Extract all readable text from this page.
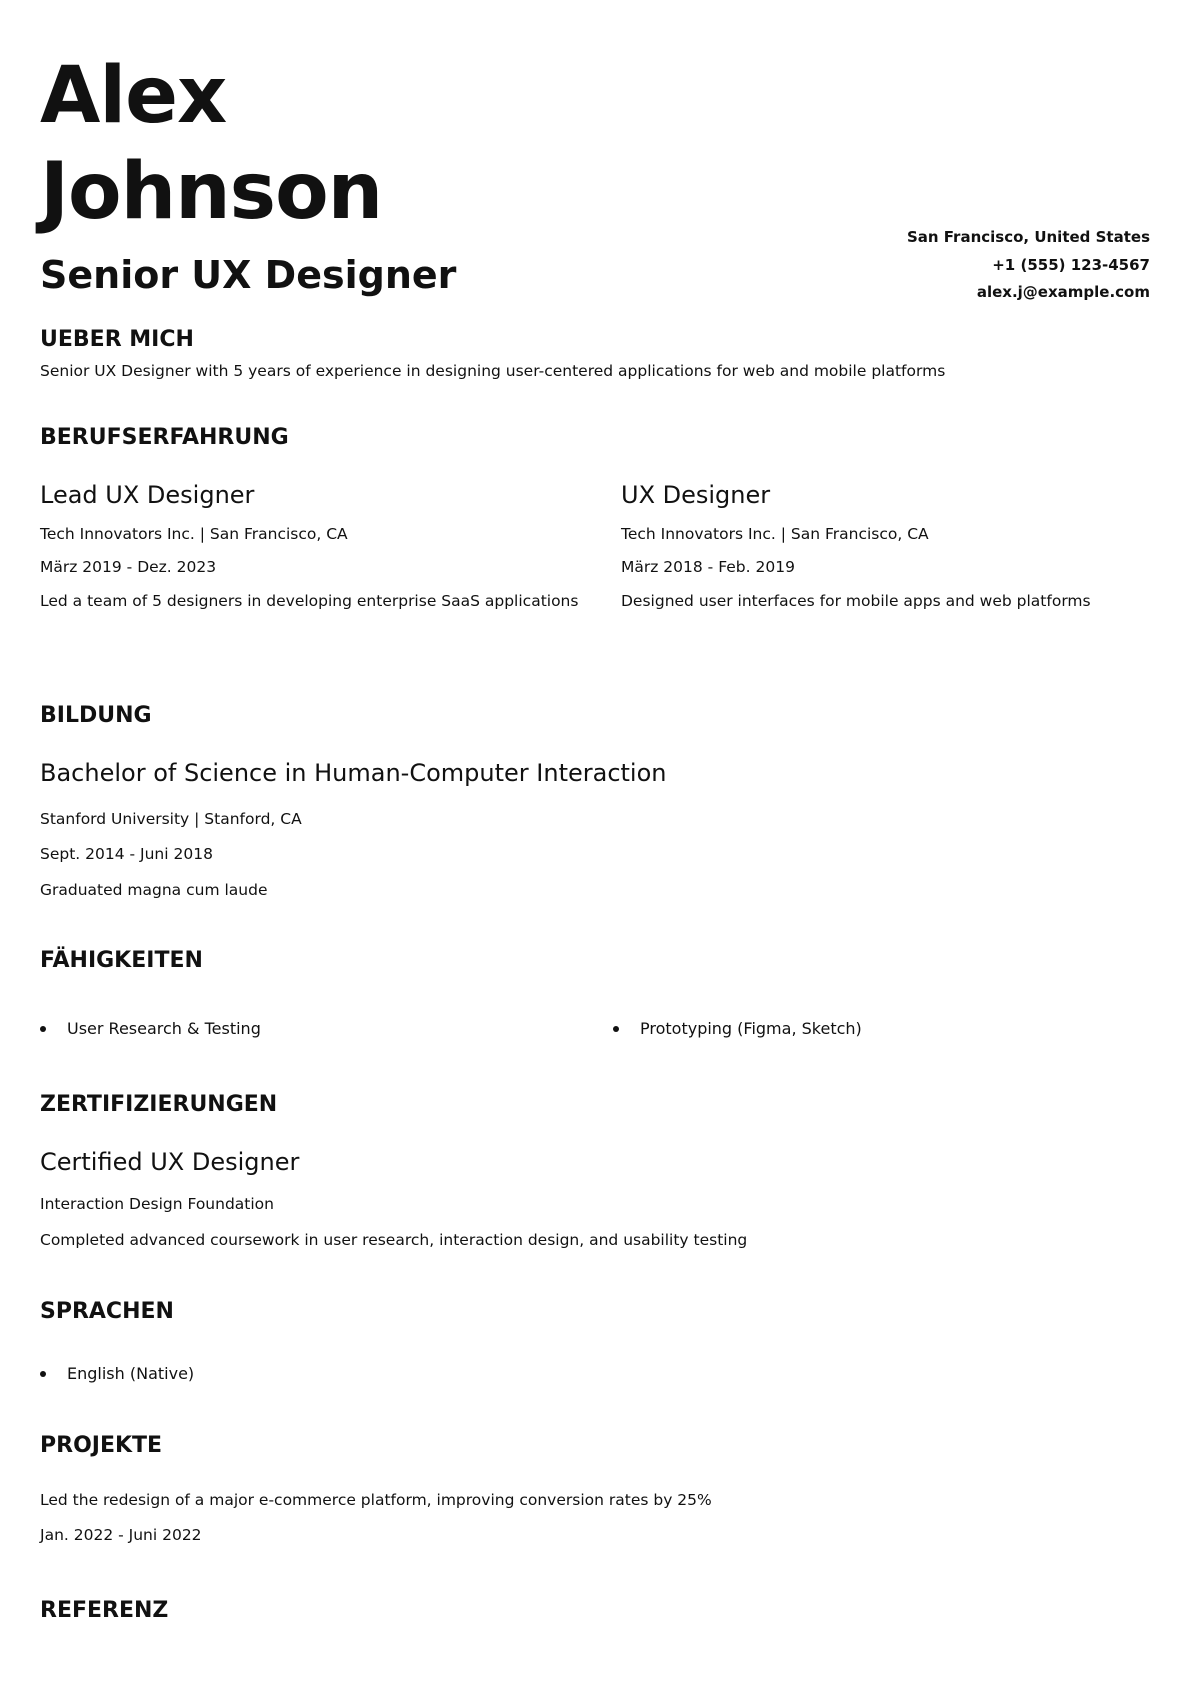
Alex
Johnson
Senior UX Designer
San Francisco, United States
+1 (555) 123-4567
alex.j@example.com
UEBER MICH

Senior UX Designer with 5 years of experience in designing user-centered applications for web and mobile platforms

BERUFSERFAHRUNG
Lead UX Designer

Tech Innovators Inc. | San Francisco, CA

März 2019 - Dez. 2023

Led a team of 5 designers in developing enterprise SaaS applications

UX Designer

Tech Innovators Inc. | San Francisco, CA

März 2018 - Feb. 2019

Designed user interfaces for mobile apps and web platforms

BILDUNG
Bachelor of Science in Human-Computer Interaction

Stanford University | Stanford, CA

Sept. 2014 - Juni 2018

Graduated magna cum laude

FÄHIGKEITEN
User Research & Testing	Prototyping (Figma, Sketch)
ZERTIFIZIERUNGEN
Certified UX Designer

Interaction Design Foundation

Completed advanced coursework in user research, interaction design, and usability testing

SPRACHEN
English (Native)
PROJEKTE

Led the redesign of a major e-commerce platform, improving conversion rates by 25%

Jan. 2022 - Juni 2022

REFERENZ
